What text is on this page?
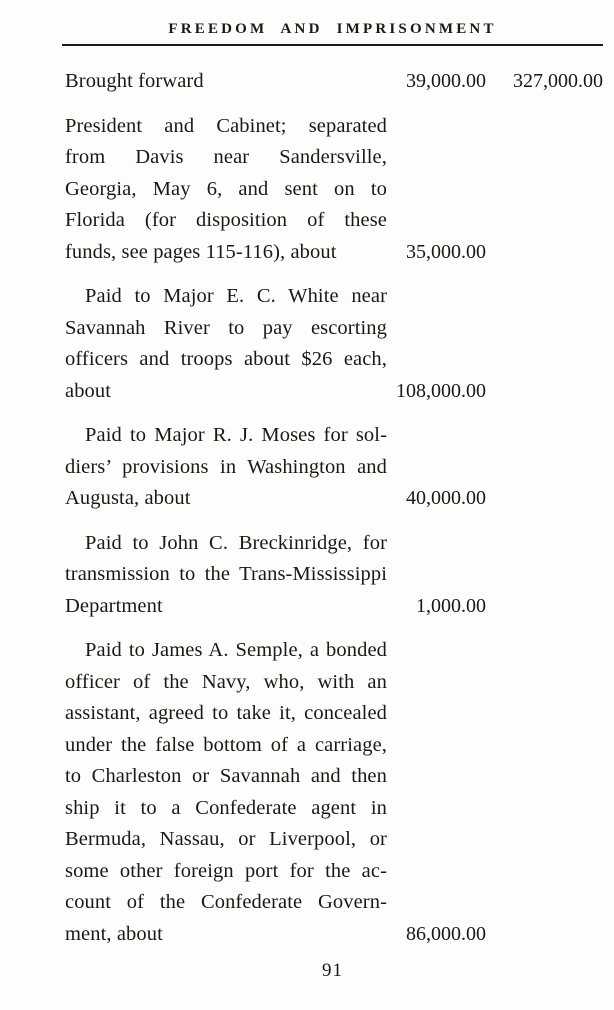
FREEDOM AND IMPRISONMENT
Brought forward	39,000.00	327,000.00
President and Cabinet; separated
from Davis near Sandersville,
Georgia, May 6, and sent on to
Florida (for disposition of these
funds, see pages 115-116), about	35,000.00
Paid to Major E. C. White near
Savannah River to pay escorting
officers and troops about $26 each,
about	108,000.00
Paid to Major R. J. Moses for sol-
diers’ provisions in Washington and
Augusta, about	40,000.00
Paid to John C. Breckinridge, for
transmission to the Trans-Mississippi
Department	1,000.00
Paid to James A. Semple, a bonded
officer of the Navy, who, with an
assistant, agreed to take it, concealed
under the false bottom of a carriage,
to Charleston or Savannah and then
ship it to a Confederate agent in
Bermuda, Nassau, or Liverpool, or
some other foreign port for the ac-
count of the Confederate Govern-
ment, about	86,000.00
91
